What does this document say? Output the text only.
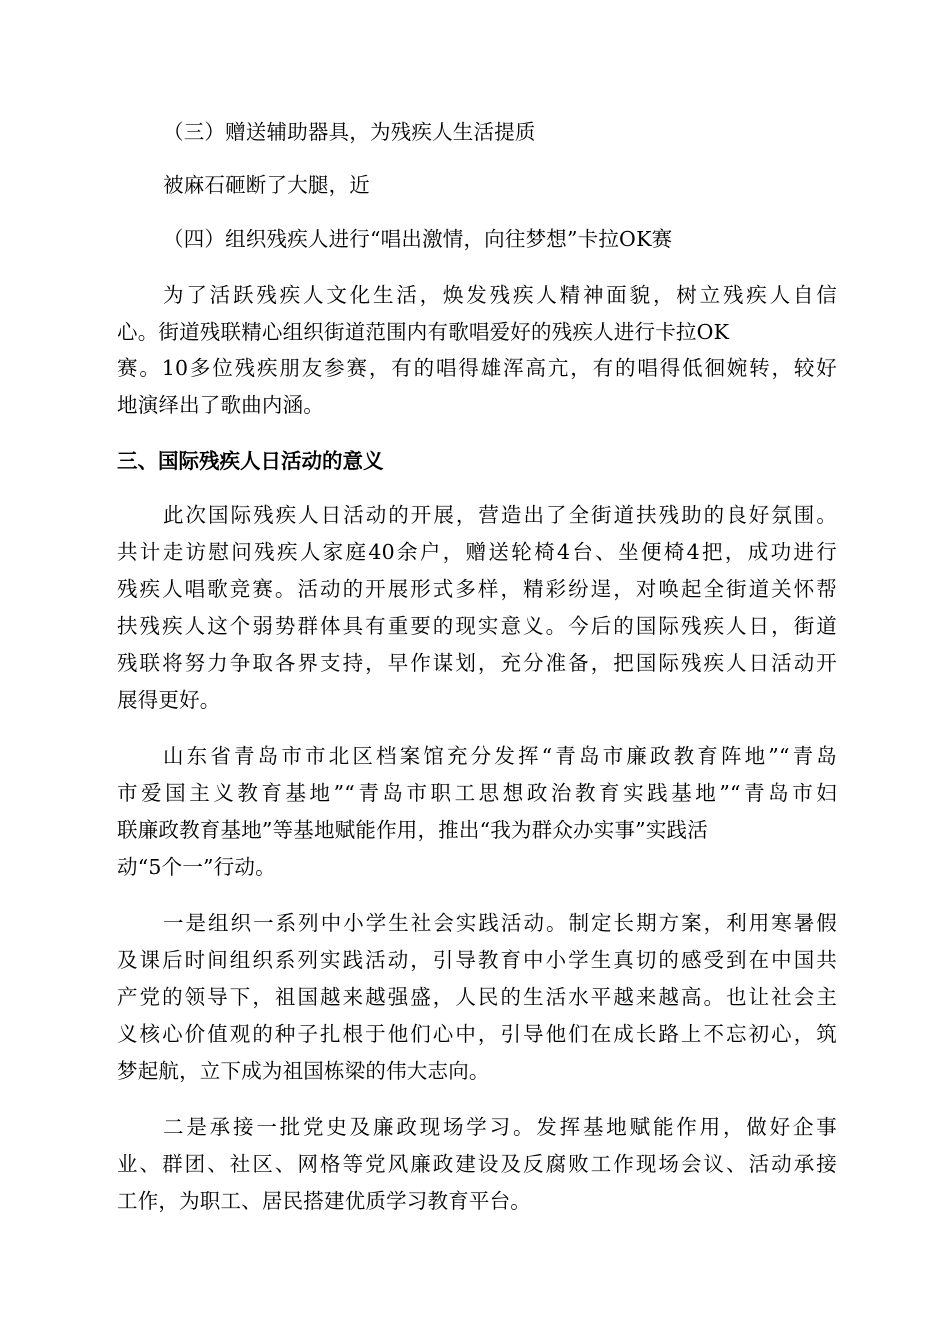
（三）赠送辅助器具，为残疾人生活提质
被麻石砸断了大腿，近
（四）组织残疾人进行“唱出激情，向往梦想”卡拉OK赛
为了活跃残疾人文化生活，焕发残疾人精神面貌，树立残疾人自信
心。街道残联精心组织街道范围内有歌唱爱好的残疾人进行卡拉OK
赛。10多位残疾朋友参赛，有的唱得雄浑高亢，有的唱得低徊婉转，较好
地演绎出了歌曲内涵。
三、国际残疾人日活动的意义
此次国际残疾人日活动的开展，营造出了全街道扶残助的良好氛围。
共计走访慰问残疾人家庭40余户，赠送轮椅4台、坐便椅4把，成功进行
残疾人唱歌竞赛。活动的开展形式多样，精彩纷逞，对唤起全街道关怀帮
扶残疾人这个弱势群体具有重要的现实意义。今后的国际残疾人日，街道
残联将努力争取各界支持，早作谋划，充分准备，把国际残疾人日活动开
展得更好。
山东省青岛市市北区档案馆充分发挥“青岛市廉政教育阵地”“青岛
市爱国主义教育基地”“青岛市职工思想政治教育实践基地”“青岛市妇
联廉政教育基地”等基地赋能作用，推出“我为群众办实事”实践活
动“5个一”行动。
一是组织一系列中小学生社会实践活动。制定长期方案，利用寒暑假
及课后时间组织系列实践活动，引导教育中小学生真切的感受到在中国共
产党的领导下，祖国越来越强盛，人民的生活水平越来越高。也让社会主
义核心价值观的种子扎根于他们心中，引导他们在成长路上不忘初心，筑
梦起航，立下成为祖国栋梁的伟大志向。
二是承接一批党史及廉政现场学习。发挥基地赋能作用，做好企事
业、群团、社区、网格等党风廉政建设及反腐败工作现场会议、活动承接
工作，为职工、居民搭建优质学习教育平台。
